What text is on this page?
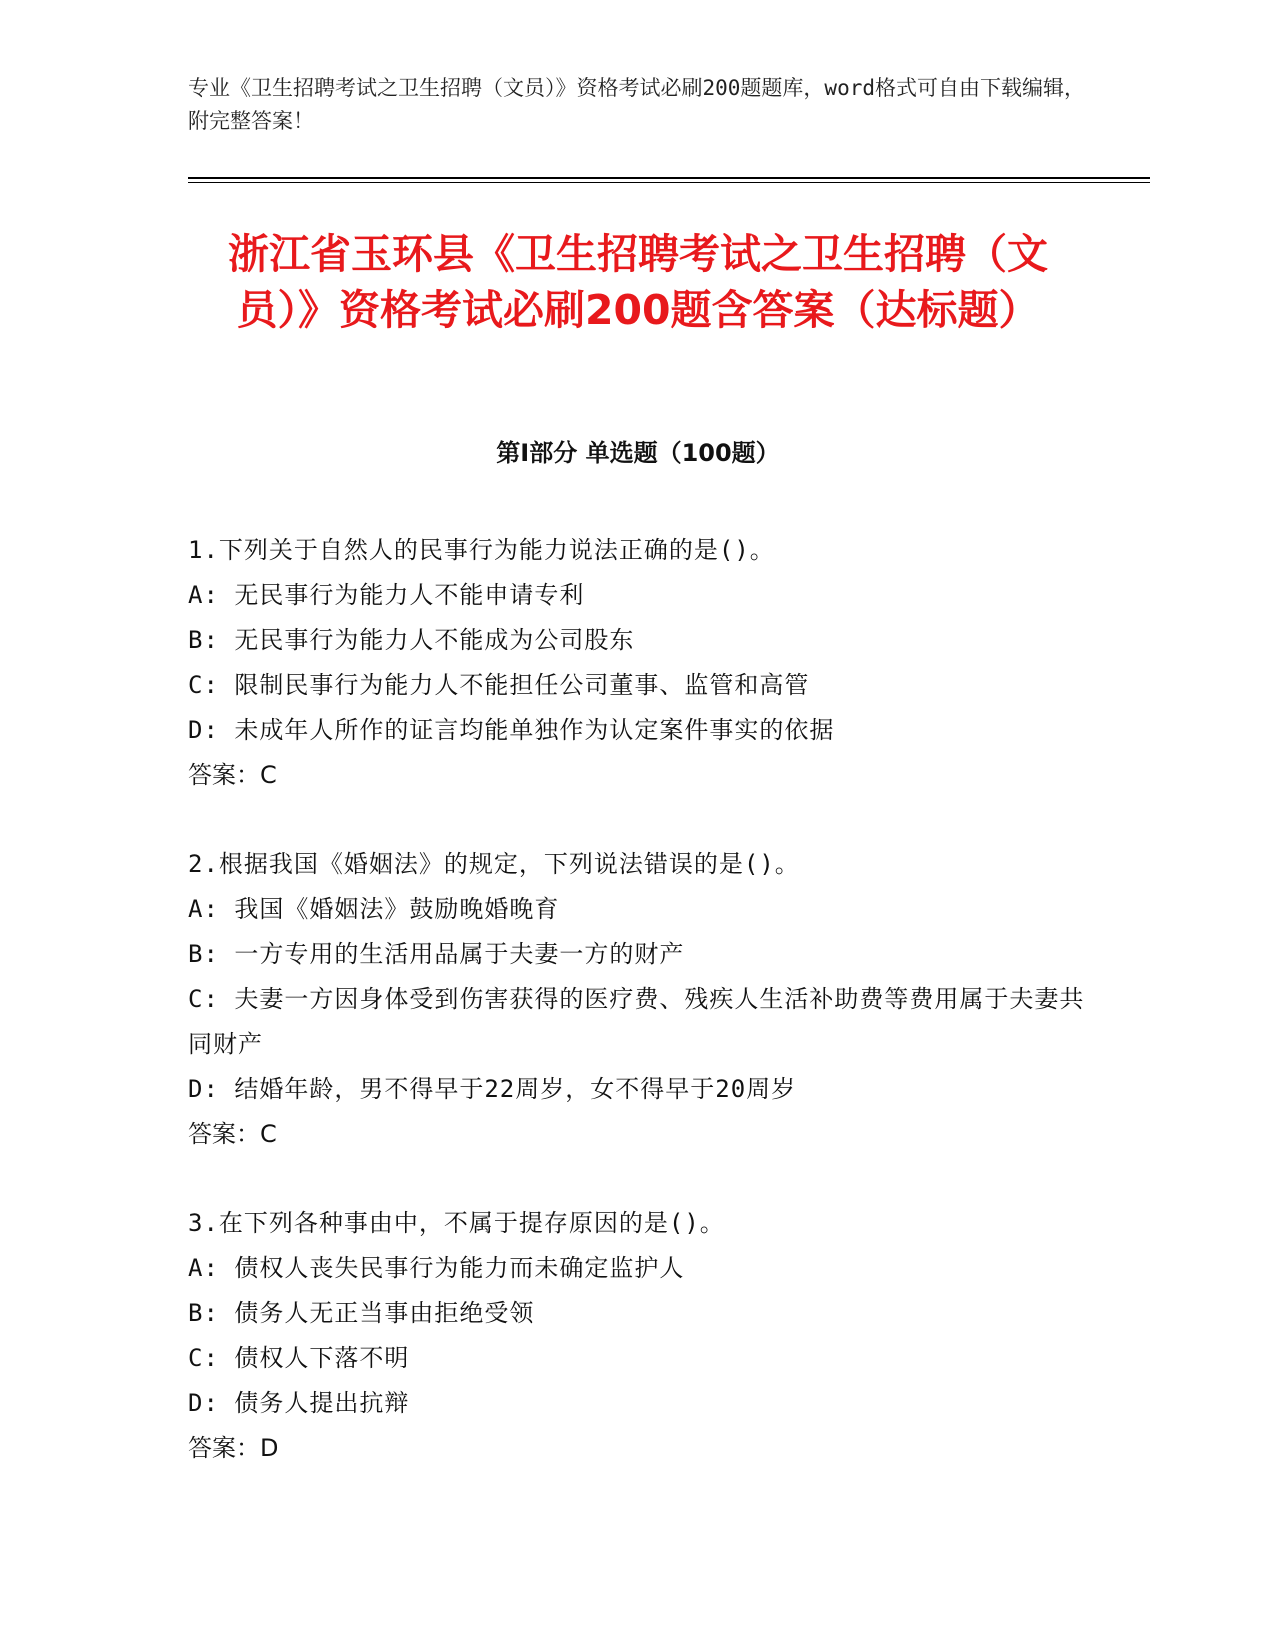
专业《卫生招聘考试之卫生招聘（文员）》资格考试必刷200题题库，word格式可自由下载编辑，附完整答案！
浙江省玉环县《卫生招聘考试之卫生招聘（文员）》资格考试必刷200题含答案（达标题）
第I部分 单选题（100题）
1.下列关于自然人的民事行为能力说法正确的是()。
A: 无民事行为能力人不能申请专利
B: 无民事行为能力人不能成为公司股东
C: 限制民事行为能力人不能担任公司董事、监管和高管
D: 未成年人所作的证言均能单独作为认定案件事实的依据
答案：C
2.根据我国《婚姻法》的规定，下列说法错误的是()。
A: 我国《婚姻法》鼓励晚婚晚育
B: 一方专用的生活用品属于夫妻一方的财产
C: 夫妻一方因身体受到伤害获得的医疗费、残疾人生活补助费等费用属于夫妻共同财产
D: 结婚年龄，男不得早于22周岁，女不得早于20周岁
答案：C
3.在下列各种事由中，不属于提存原因的是()。
A: 债权人丧失民事行为能力而未确定监护人
B: 债务人无正当事由拒绝受领
C: 债权人下落不明
D: 债务人提出抗辩
答案：D
